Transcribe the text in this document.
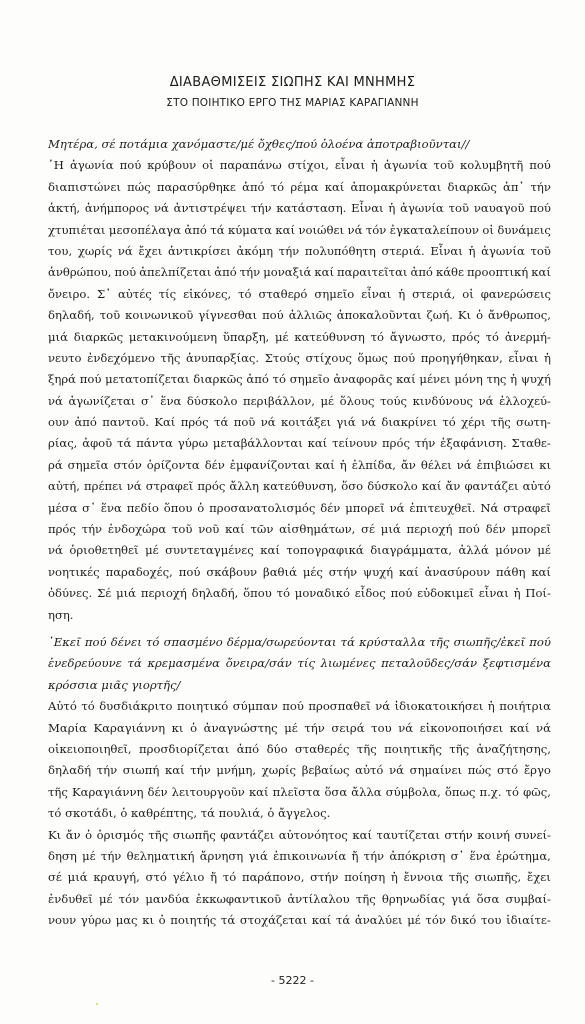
ΔΙΑΒΑΘΜΙΣΕΙΣ ΣΙΩΠΗΣ ΚΑΙ ΜΝΗΜΗΣ
ΣΤΟ ΠΟΙΗΤΙΚΟ ΕΡΓΟ ΤΗΣ ΜΑΡΙΑΣ ΚΑΡΑΓΙΑΝΝΗ
Μητέρα, σέ ποτάμια χανόμαστε/μέ ὄχθες/πού ὁλοένα ἀποτραβιοῦνται//
῾Η ἀγωνία πού κρύβουν οἱ παραπάνω στίχοι, εἶναι ἡ ἀγωνία τοῦ κολυμβητῆ πού
διαπιστώνει πώς παρασύρθηκε ἀπό τό ρέμα καί ἀπομακρύνεται διαρκῶς ἀπ᾿ τήν
ἀκτή, ἀνήμπορος νά ἀντιστρέψει τήν κατάσταση. Εἶναι ἡ ἀγωνία τοῦ ναυαγοῦ πού
χτυπιέται μεσοπέλαγα ἀπό τά κύματα καί νοιώθει νά τόν ἐγκαταλείπουν οἱ δυνάμεις
του, χωρίς νά ἔχει ἀντικρίσει ἀκόμη τήν πολυπόθητη στεριά. Εἶναι ἡ ἀγωνία τοῦ
ἀνθρώπου, πού ἀπελπίζεται ἀπό τήν μοναξιά καί παραιτεῖται ἀπό κάθε προοπτική καί
ὄνειρο. Σ᾿ αὐτές τίς εἰκόνες, τό σταθερό σημεῖο εἶναι ἡ στεριά, οἱ φανερώσεις
δηλαδή, τοῦ κοινωνικοῦ γίγνεσθαι πού ἀλλιῶς ἀποκαλοῦνται ζωή. Κι ὁ ἄνθρωπος,
μιά διαρκῶς μετακινούμενη ὕπαρξη, μέ κατεύθυνση τό ἄγνωστο, πρός τό ἀνερμή-
νευτο ἐνδεχόμενο τῆς ἀνυπαρξίας. Στούς στίχους ὅμως πού προηγήθηκαν, εἶναι ἡ
ξηρά πού μετατοπίζεται διαρκῶς ἀπό τό σημεῖο ἀναφορᾶς καί μένει μόνη της ἡ ψυχή
νά ἀγωνίζεται σ᾿ ἕνα δύσκολο περιβάλλον, μέ ὅλους τούς κινδύνους νά ἐλλοχεύ-
ουν ἀπό παντοῦ. Καί πρός τά ποῦ νά κοιτάξει γιά νά διακρίνει τό χέρι τῆς σωτη-
ρίας, ἀφοῦ τά πάντα γύρω μεταβάλλονται καί τείνουν πρός τήν ἐξαφάνιση. Σταθε-
ρά σημεῖα στόν ὁρίζοντα δέν ἐμφανίζονται καί ἡ ἐλπίδα, ἄν θέλει νά ἐπιβιώσει κι
αὐτή, πρέπει νά στραφεῖ πρός ἄλλη κατεύθυνση, ὅσο δύσκολο καί ἄν φαντάζει αὐτό
μέσα σ᾿ ἕνα πεδίο ὅπου ὁ προσανατολισμός δέν μπορεῖ νά ἐπιτευχθεῖ. Νά στραφεῖ
πρός τήν ἐνδοχώρα τοῦ νοῦ καί τῶν αἰσθημάτων, σέ μιά περιοχή πού δέν μπορεῖ
νά ὁριοθετηθεῖ μέ συντεταγμένες καί τοπογραφικά διαγράμματα, ἀλλά μόνον μέ
νοητικές παραδοχές, πού σκάβουν βαθιά μές στήν ψυχή καί ἀνασύρουν πάθη καί
ὀδύνες. Σέ μιά περιοχή δηλαδή, ὅπου τό μοναδικό εἶδος πού εὐδοκιμεῖ εἶναι ἡ Ποί-
ηση.
῾Εκεῖ πού δένει τό σπασμένο δέρμα/σωρεύονται τά κρύσταλλα τῆς σιωπῆς/ἐκεῖ πού
ἐνεδρεύουνε τά κρεμασμένα ὄνειρα/σάν τίς λιωμένες πεταλοῦδες/σάν ξεφτισμένα
κρόσσια μιᾶς γιορτῆς/
Αὐτό τό δυσδιάκριτο ποιητικό σύμπαν πού προσπαθεῖ νά ἰδιοκατοικήσει ἡ ποιήτρια
Μαρία Καραγιάννη κι ὁ ἀναγνώστης μέ τήν σειρά του νά εἰκονοποιήσει καί νά
οἰκειοποιηθεῖ, προσδιορίζεται ἀπό δύο σταθερές τῆς ποιητικῆς τῆς ἀναζήτησης,
δηλαδή τήν σιωπή καί τήν μνήμη, χωρίς βεβαίως αὐτό νά σημαίνει πώς στό ἔργο
τῆς Καραγιάννη δέν λειτουργοῦν καί πλεῖστα ὅσα ἄλλα σύμβολα, ὅπως π.χ. τό φῶς,
τό σκοτάδι, ὁ καθρέπτης, τά πουλιά, ὁ ἄγγελος.
Κι ἄν ὁ ὁρισμός τῆς σιωπῆς φαντάζει αὐτονόητος καί ταυτίζεται στήν κοινή συνεί-
δηση μέ τήν θεληματική ἄρνηση γιά ἐπικοινωνία ἤ τήν ἀπόκριση σ᾿ ἕνα ἐρώτημα,
σέ μιά κραυγή, στό γέλιο ἤ τό παράπονο, στήν ποίηση ἡ ἔννοια τῆς σιωπῆς, ἔχει
ἐνδυθεῖ μέ τόν μανδύα ἐκκωφαντικοῦ ἀντίλαλου τῆς θρηνωδίας γιά ὅσα συμβαί-
νουν γύρω μας κι ὁ ποιητής τά στοχάζεται καί τά ἀναλύει μέ τόν δικό του ἰδιαίτε-
- 5222 -
